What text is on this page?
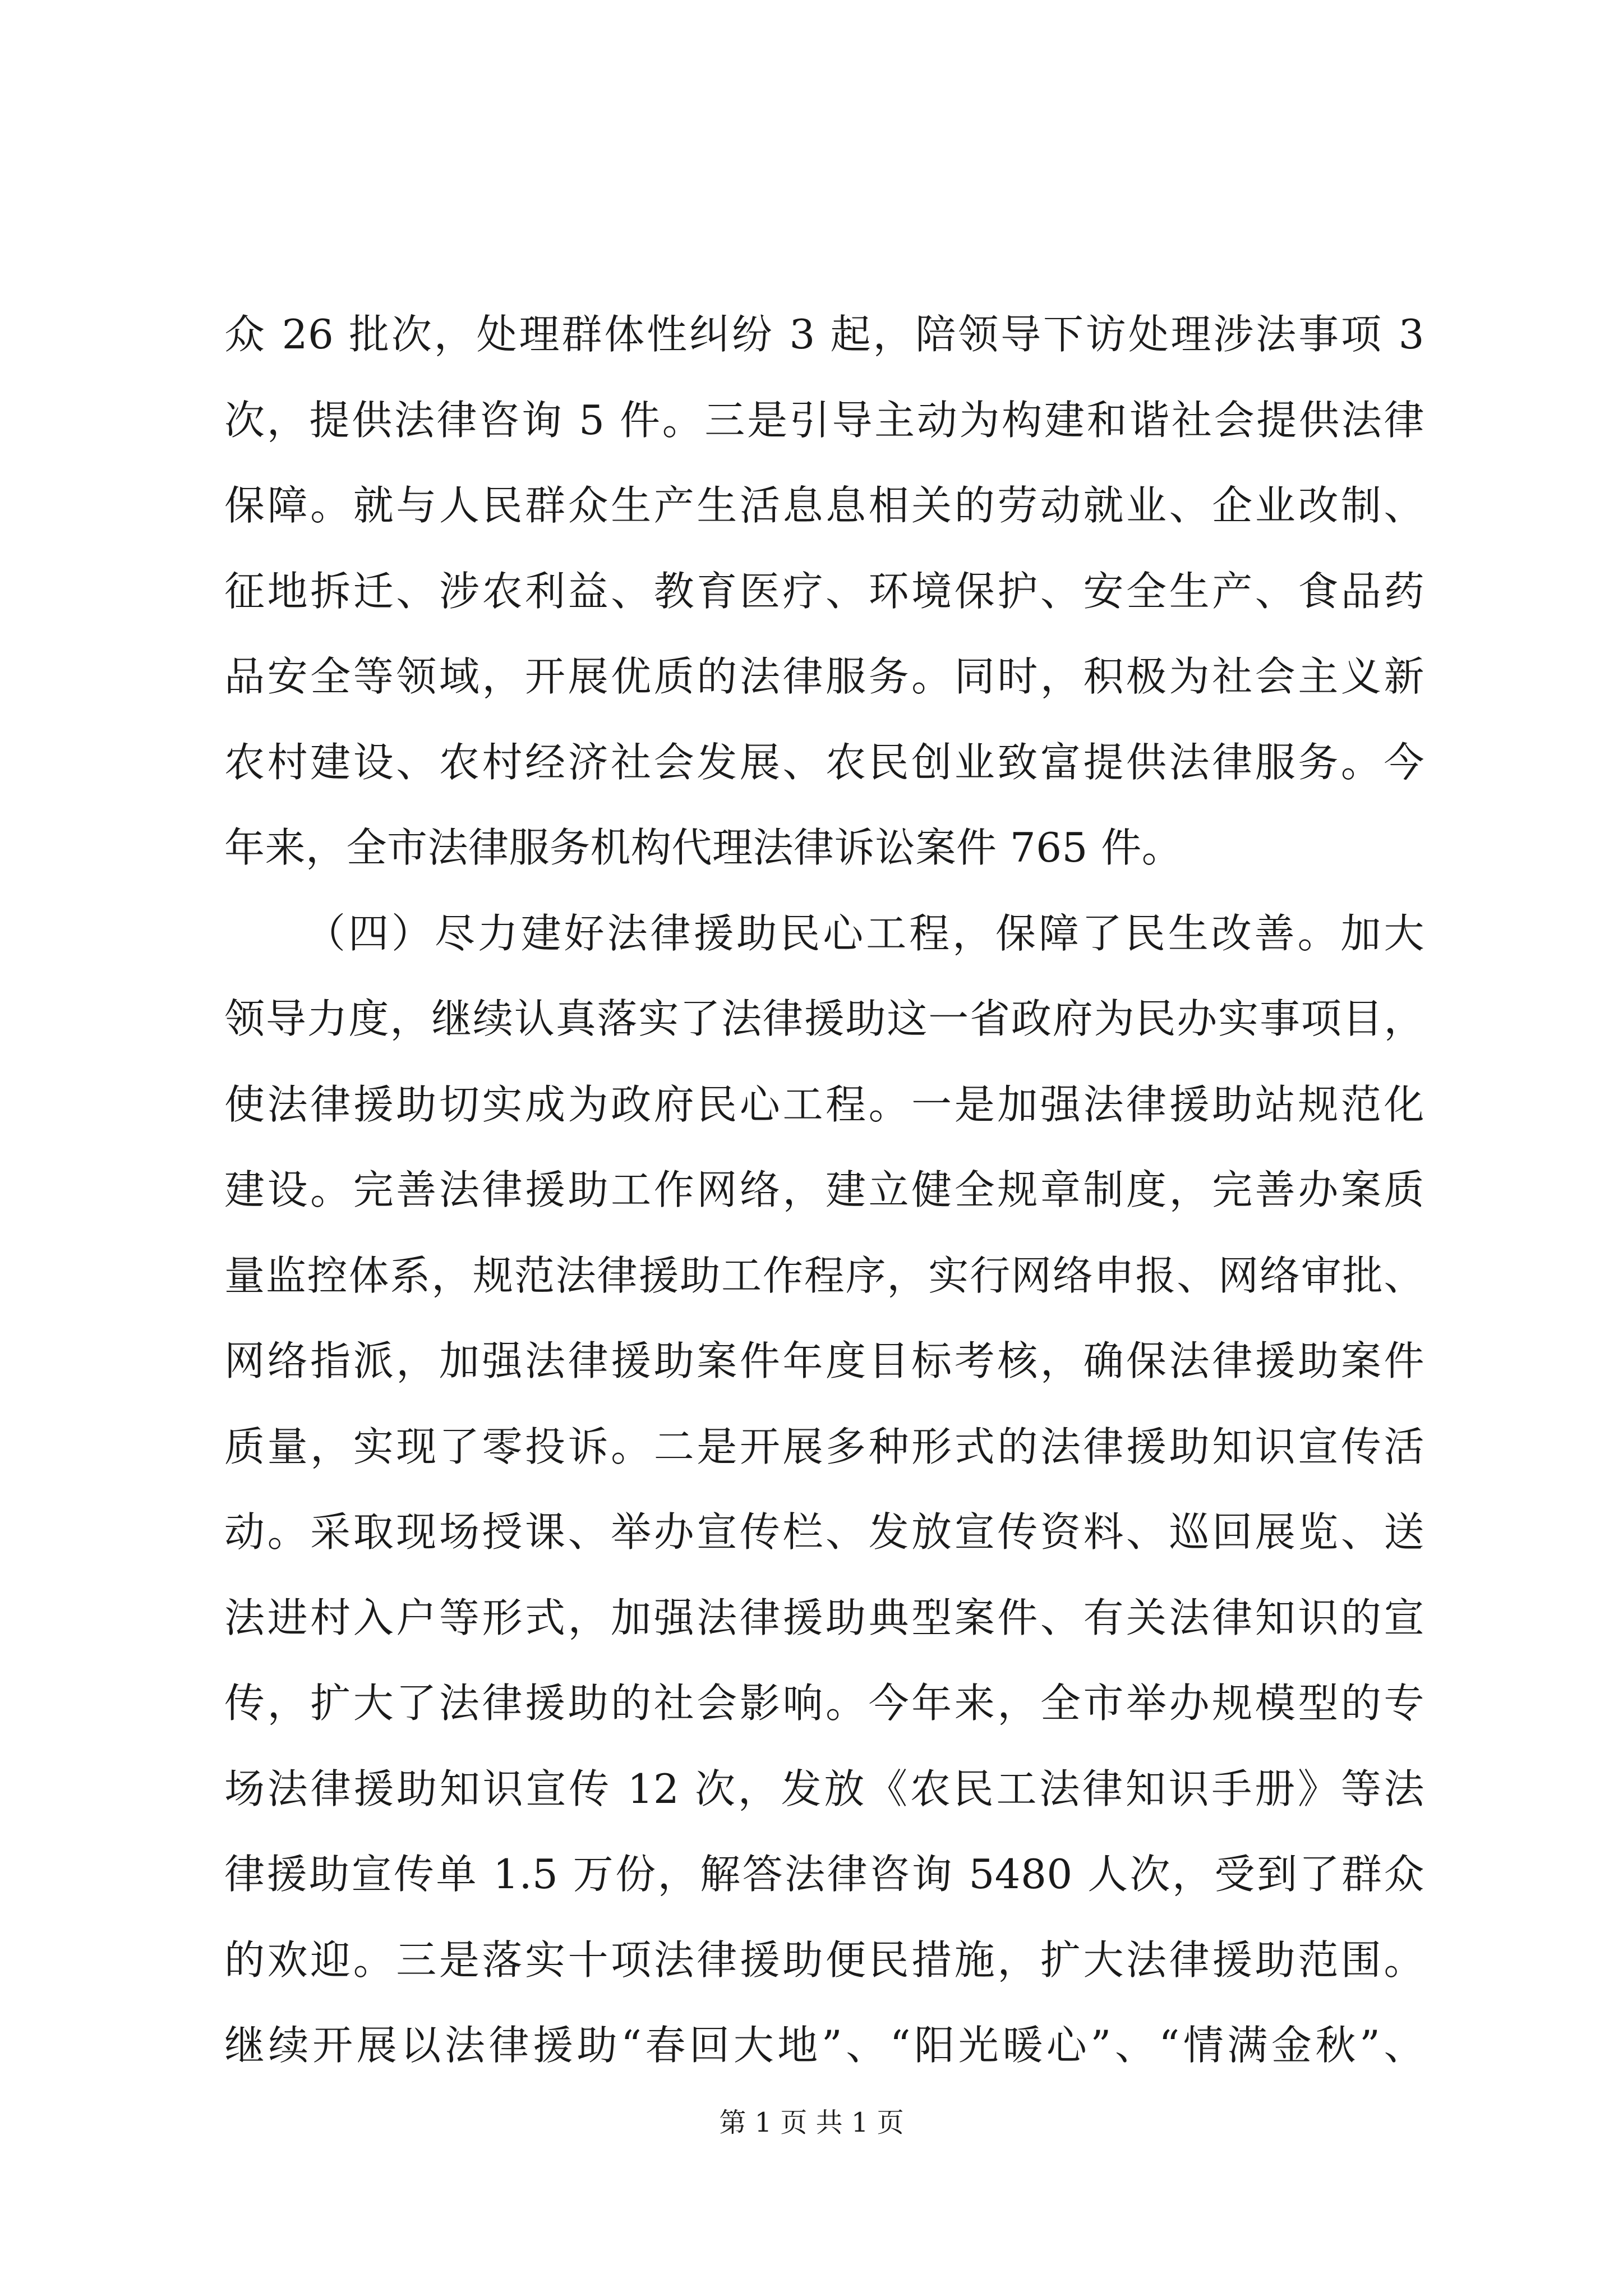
众 26 批次，处理群体性纠纷 3 起，陪领导下访处理涉法事项 3
次，提供法律咨询 5 件。三是引导主动为构建和谐社会提供法律
保障。就与人民群众生产生活息息相关的劳动就业、企业改制、
征地拆迁、涉农利益、教育医疗、环境保护、安全生产、食品药
品安全等领域，开展优质的法律服务。同时，积极为社会主义新
农村建设、农村经济社会发展、农民创业致富提供法律服务。今
年来，全市法律服务机构代理法律诉讼案件 765 件。
（四）尽力建好法律援助民心工程，保障了民生改善。加大
领导力度，继续认真落实了法律援助这一省政府为民办实事项目，
使法律援助切实成为政府民心工程。一是加强法律援助站规范化
建设。完善法律援助工作网络，建立健全规章制度，完善办案质
量监控体系，规范法律援助工作程序，实行网络申报、网络审批、
网络指派，加强法律援助案件年度目标考核，确保法律援助案件
质量，实现了零投诉。二是开展多种形式的法律援助知识宣传活
动。采取现场授课、举办宣传栏、发放宣传资料、巡回展览、送
法进村入户等形式，加强法律援助典型案件、有关法律知识的宣
传，扩大了法律援助的社会影响。今年来，全市举办规模型的专
场法律援助知识宣传 12 次，发放《农民工法律知识手册》等法
律援助宣传单 1.5 万份，解答法律咨询 5480 人次，受到了群众
的欢迎。三是落实十项法律援助便民措施，扩大法律援助范围。
继续开展以法律援助“春回大地”、“阳光暖心”、“情满金秋”、
第 1 页 共 1 页
